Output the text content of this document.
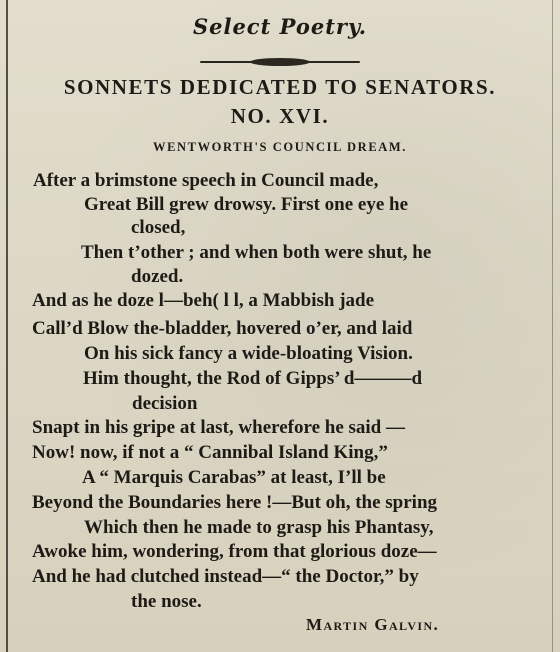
Select Poetry.
SONNETS DEDICATED TO SENATORS.
NO. XVI.
WENTWORTH'S COUNCIL DREAM.
After a brimstone speech in Council made,
Great Bill grew drowsy. First one eye he
closed,
Then t’other ; and when both were shut, he
dozed.
And as he doze l—beh( l l, a Mabbish jade
Call’d Blow the-bladder, hovered o’er, and laid
On his sick fancy a wide-bloating Vision.
Him thought, the Rod of Gipps’ d———d
decision
Snapt in his gripe at last, wherefore he said —
Now! now, if not a “ Cannibal Island King,”
A “ Marquis Carabas” at least, I’ll be
Beyond the Boundaries here !—But oh, the spring
Which then he made to grasp his Phantasy,
Awoke him, wondering, from that glorious doze—
And he had clutched instead—“ the Doctor,” by
the nose.
Martin Galvin.
